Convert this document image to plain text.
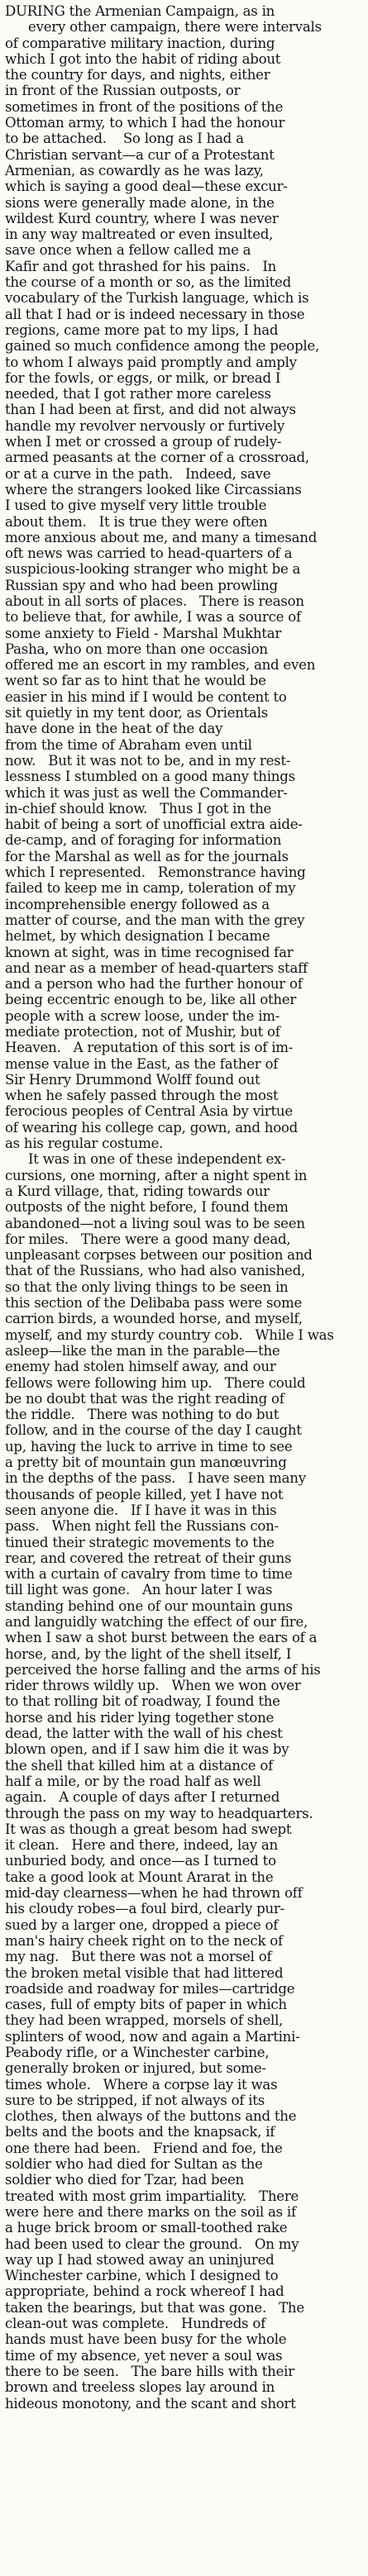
DURING the Armenian Campaign, as in
every other campaign, there were intervals
of comparative military inaction, during
which I got into the habit of riding about
the country for days, and nights, either
in front of the Russian outposts, or
sometimes in front of the positions of the
Ottoman army, to which I had the honour
to be attached.    So long as I had a
Christian servant—a cur of a Protestant
Armenian, as cowardly as he was lazy,
which is saying a good deal—these excur-
sions were generally made alone, in the
wildest Kurd country, where I was never
in any way maltreated or even insulted,
save once when a fellow called me a
Kafir and got thrashed for his pains.   In
the course of a month or so, as the limited
vocabulary of the Turkish language, which is
all that I had or is indeed necessary in those
regions, came more pat to my lips, I had
gained so much confidence among the people,
to whom I always paid promptly and amply
for the fowls, or eggs, or milk, or bread I
needed, that I got rather more careless
than I had been at first, and did not always
handle my revolver nervously or furtively
when I met or crossed a group of rudely-
armed peasants at the corner of a crossroad,
or at a curve in the path.   Indeed, save
where the strangers looked like Circassians
I used to give myself very little trouble
about them.   It is true they were often
more anxious about me, and many a timesand
oft news was carried to head-quarters of a
suspicious-looking stranger who might be a
Russian spy and who had been prowling
about in all sorts of places.   There is reason
to believe that, for awhile, I was a source of
some anxiety to Field - Marshal Mukhtar
Pasha, who on more than one occasion
offered me an escort in my rambles, and even
went so far as to hint that he would be
easier in his mind if I would be content to
sit quietly in my tent door, as Orientals
have done in the heat of the day
from the time of Abraham even until
now.   But it was not to be, and in my rest-
lessness I stumbled on a good many things
which it was just as well the Commander-
in-chief should know.   Thus I got in the
habit of being a sort of unofficial extra aide-
de-camp, and of foraging for information
for the Marshal as well as for the journals
which I represented.   Remonstrance having
failed to keep me in camp, toleration of my
incomprehensible energy followed as a
matter of course, and the man with the grey
helmet, by which designation I became
known at sight, was in time recognised far
and near as a member of head-quarters staff
and a person who had the further honour of
being eccentric enough to be, like all other
people with a screw loose, under the im-
mediate protection, not of Mushir, but of
Heaven.   A reputation of this sort is of im-
mense value in the East, as the father of
Sir Henry Drummond Wolff found out
when he safely passed through the most
ferocious peoples of Central Asia by virtue
of wearing his college cap, gown, and hood
as his regular costume.
It was in one of these independent ex-
cursions, one morning, after a night spent in
a Kurd village, that, riding towards our
outposts of the night before, I found them
abandoned—not a living soul was to be seen
for miles.   There were a good many dead,
unpleasant corpses between our position and
that of the Russians, who had also vanished,
so that the only living things to be seen in
this section of the Delibaba pass were some
carrion birds, a wounded horse, and myself,
myself, and my sturdy country cob.   While I was
asleep—like the man in the parable—the
enemy had stolen himself away, and our
fellows were following him up.   There could
be no doubt that was the right reading of
the riddle.   There was nothing to do but
follow, and in the course of the day I caught
up, having the luck to arrive in time to see
a pretty bit of mountain gun manœuvring
in the depths of the pass.   I have seen many
thousands of people killed, yet I have not
seen anyone die.   If I have it was in this
pass.   When night fell the Russians con-
tinued their strategic movements to the
rear, and covered the retreat of their guns
with a curtain of cavalry from time to time
till light was gone.   An hour later I was
standing behind one of our mountain guns
and languidly watching the effect of our fire,
when I saw a shot burst between the ears of a
horse, and, by the light of the shell itself, I
perceived the horse falling and the arms of his
rider throws wildly up.   When we won over
to that rolling bit of roadway, I found the
horse and his rider lying together stone
dead, the latter with the wall of his chest
blown open, and if I saw him die it was by
the shell that killed him at a distance of
half a mile, or by the road half as well
again.   A couple of days after I returned
through the pass on my way to headquarters.
It was as though a great besom had swept
it clean.   Here and there, indeed, lay an
unburied body, and once—as I turned to
take a good look at Mount Ararat in the
mid-day clearness—when he had thrown off
his cloudy robes—a foul bird, clearly pur-
sued by a larger one, dropped a piece of
man's hairy cheek right on to the neck of
my nag.   But there was not a morsel of
the broken metal visible that had littered
roadside and roadway for miles—cartridge
cases, full of empty bits of paper in which
they had been wrapped, morsels of shell,
splinters of wood, now and again a Martini-
Peabody rifle, or a Winchester carbine,
generally broken or injured, but some-
times whole.   Where a corpse lay it was
sure to be stripped, if not always of its
clothes, then always of the buttons and the
belts and the boots and the knapsack, if
one there had been.   Friend and foe, the
soldier who had died for Sultan as the
soldier who died for Tzar, had been
treated with most grim impartiality.   There
were here and there marks on the soil as if
a huge brick broom or small-toothed rake
had been used to clear the ground.   On my
way up I had stowed away an uninjured
Winchester carbine, which I designed to
appropriate, behind a rock whereof I had
taken the bearings, but that was gone.   The
clean-out was complete.   Hundreds of
hands must have been busy for the whole
time of my absence, yet never a soul was
there to be seen.   The bare hills with their
brown and treeless slopes lay around in
hideous monotony, and the scant and short
